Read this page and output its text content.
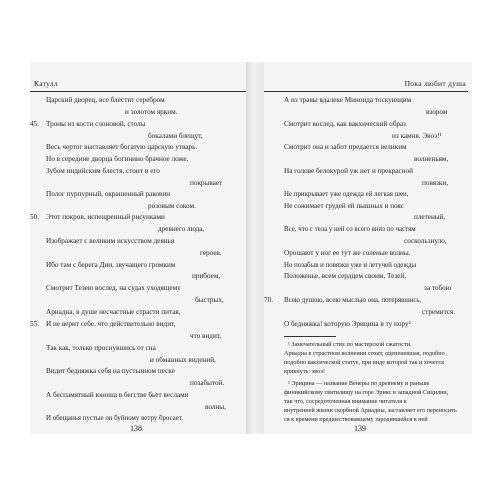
Катулл
Царский дворец, все блестит серебром
и золотом ярким.
45. Троны из кости слоновой, столы
бокалами блещут,
Весь чертог выставляет богатую царскую утварь.
Но в середине дворца богинино брачное ложе,
Зубом индийским блестя, стоит и его
покрывает
Полог пурпурный, окрашенный раковин
розовым соком.
50. Этот покров, испещренный рисунками
древнего люда,
Изображает с великим искусством деянья
героев.
Ибо там с берега Дии, звучащего громким
прибоем,
Смотрит Тезею вослед, на судах уходящему
быстрых,
Ариадна, в душе несчастные страсти питая,
И не верит себе, что действительно видит,
55.
что видит,
Так как, только проснувшись от сна
и обманных видений,
Видит бедняжка себя на пустынном песке
позабытой.
А беспамятный юноша в бегстве бьет веслами
волны,
И обещанья пустые он буйному ветру бросает.
138
Пока любит душа
А из травы вдалеке Миноида тоскующим
взором
Смотрит вослед, как вакхический образ
из камня. Эвоэ!¹
Смотрит она и забот предается великим
волненьям,
На голове белокурой уж нет и прекрасной
повязки,
Не прикрывает уже одежда ей легкая шеи,
Не сожимает грудей ей пышных и пояс
плетеный,
Все, что с тела у ней со всего вниз по частям
соскользнуло,
Орошают у ног ее тут же соленые волны.
Но позабыв и повязки уже и летучей одежды
Положенье, всем сердцем своим, Тезей,
за тобою
70. Всею душою, всею мыслью она, потерявшись,
стремится.
О бедняжка! которую Эрицина в ту пору²
¹ Замечательный стих по мастерской сжатости.
Ариадна в страстном волнении стоит, оцепеневшая, подобно
подобно вакхической статуе, при виде которой так и хочется
крикнуть: эвоэ!
² Эрицина — название Венеры по древнему и раньше
финикийскому святилищу на горе Эрикс в западной Сицилии,
так что, сосредоточенная внимание читателя к
внутренней жизни скорбной Ариадны, заставляет его переносить
ся к времени предшествовавшему зародившейся в ней
139
